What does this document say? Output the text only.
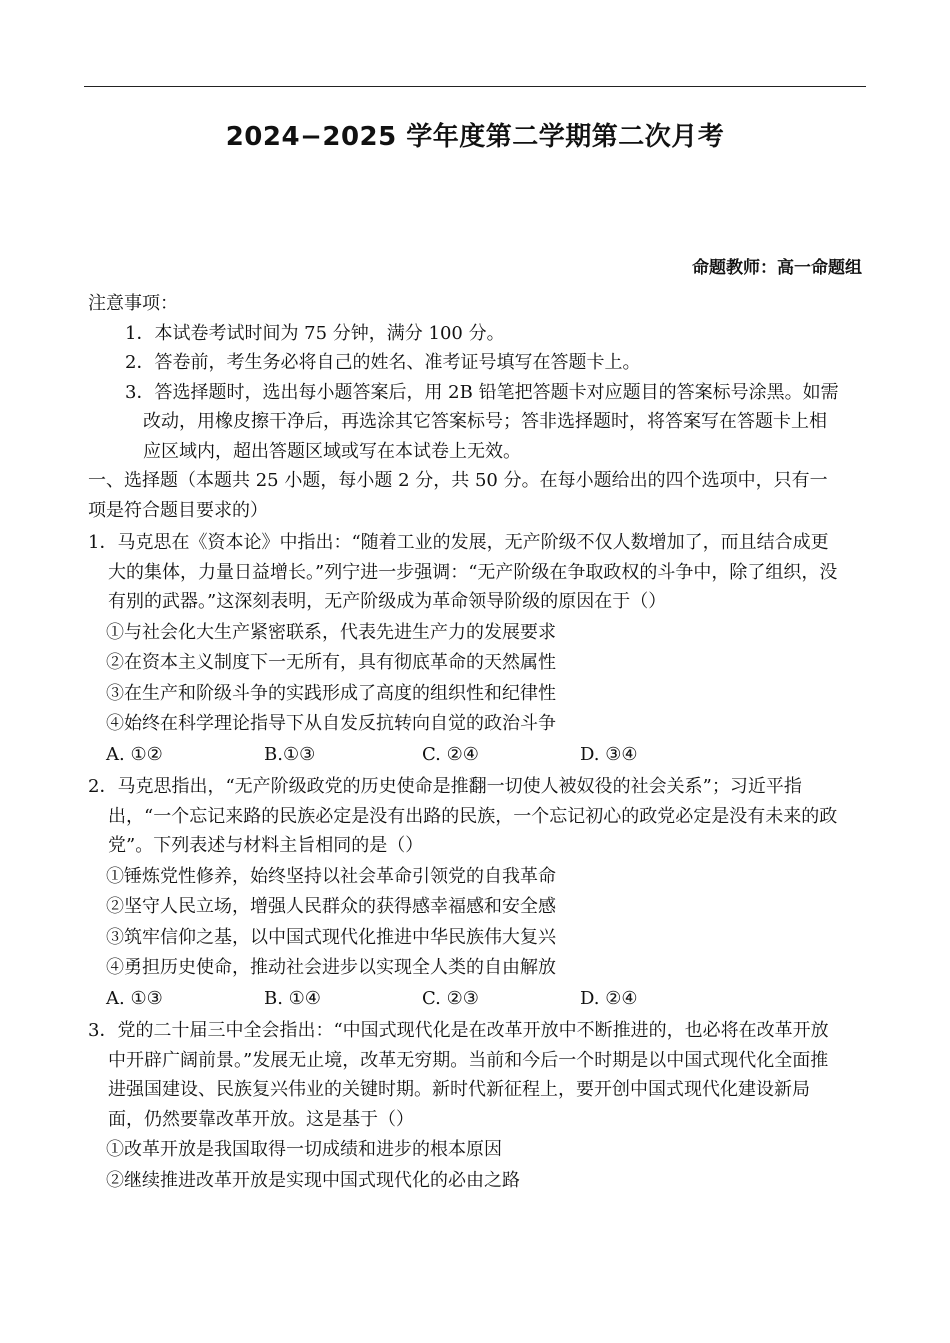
2024−2025 学年度第二学期第二次月考
命题教师：高一命题组
注意事项：
1．本试卷考试时间为 75 分钟，满分 100 分。
2．答卷前，考生务必将自己的姓名、准考证号填写在答题卡上。
3．答选择题时，选出每小题答案后，用 2B 铅笔把答题卡对应题目的答案标号涂黑。如需改动，用橡皮擦干净后，再选涂其它答案标号；答非选择题时，将答案写在答题卡上相应区域内，超出答题区域或写在本试卷上无效。
一、选择题（本题共 25 小题，每小题 2 分，共 50 分。在每小题给出的四个选项中，只有一项是符合题目要求的）
1．马克思在《资本论》中指出：“随着工业的发展，无产阶级不仅人数增加了，而且结合成更大的集体，力量日益增长。”列宁进一步强调：“无产阶级在争取政权的斗争中，除了组织，没有别的武器。”这深刻表明，无产阶级成为革命领导阶级的原因在于（）
①与社会化大生产紧密联系，代表先进生产力的发展要求
②在资本主义制度下一无所有，具有彻底革命的天然属性
③在生产和阶级斗争的实践形成了高度的组织性和纪律性
④始终在科学理论指导下从自发反抗转向自觉的政治斗争
A. ①②	B.①③	C. ②④	D. ③④
2．马克思指出，“无产阶级政党的历史使命是推翻一切使人被奴役的社会关系”；习近平指出，“一个忘记来路的民族必定是没有出路的民族，一个忘记初心的政党必定是没有未来的政党”。下列表述与材料主旨相同的是（）
①锤炼党性修养，始终坚持以社会革命引领党的自我革命
②坚守人民立场，增强人民群众的获得感幸福感和安全感
③筑牢信仰之基，以中国式现代化推进中华民族伟大复兴
④勇担历史使命，推动社会进步以实现全人类的自由解放
A. ①③	B. ①④	C. ②③	D. ②④
3．党的二十届三中全会指出：“中国式现代化是在改革开放中不断推进的，也必将在改革开放中开辟广阔前景。”发展无止境，改革无穷期。当前和今后一个时期是以中国式现代化全面推进强国建设、民族复兴伟业的关键时期。新时代新征程上，要开创中国式现代化建设新局面，仍然要靠改革开放。这是基于（）
①改革开放是我国取得一切成绩和进步的根本原因
②继续推进改革开放是实现中国式现代化的必由之路
